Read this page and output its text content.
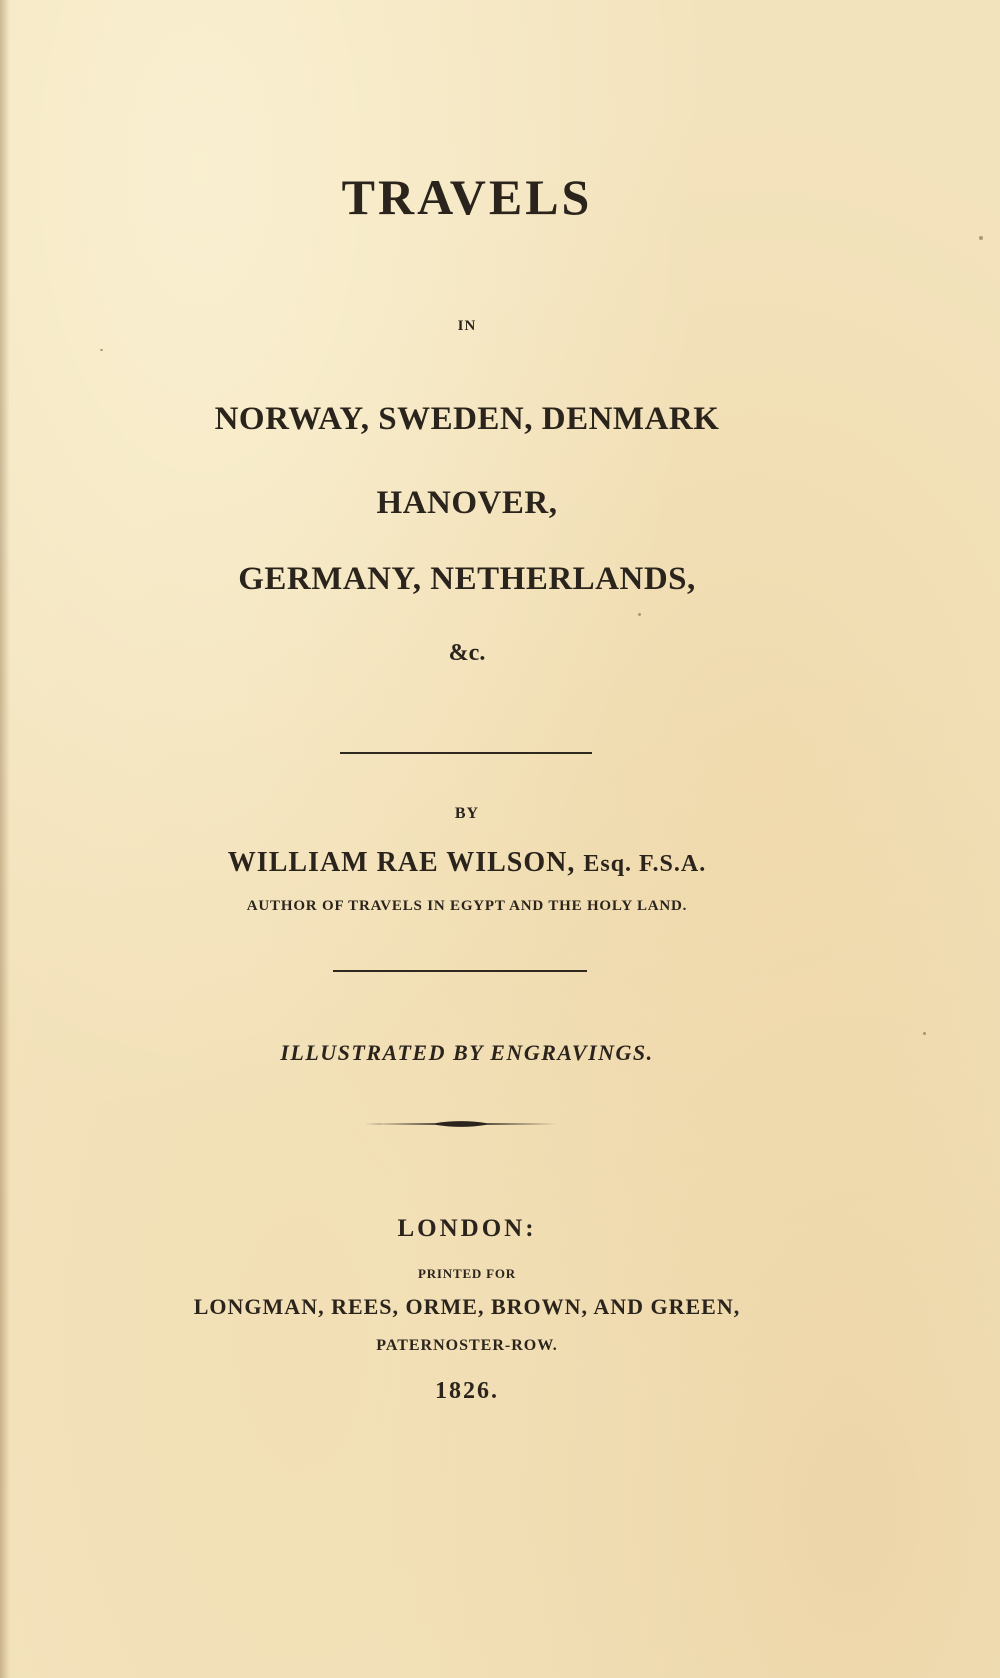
TRAVELS
IN
NORWAY, SWEDEN, DENMARK
HANOVER,
GERMANY, NETHERLANDS,
&c.
BY
WILLIAM RAE WILSON, Esq. F.S.A.
AUTHOR OF TRAVELS IN EGYPT AND THE HOLY LAND.
ILLUSTRATED BY ENGRAVINGS.
LONDON:
PRINTED FOR
LONGMAN, REES, ORME, BROWN, AND GREEN,
PATERNOSTER-ROW.
1826.
